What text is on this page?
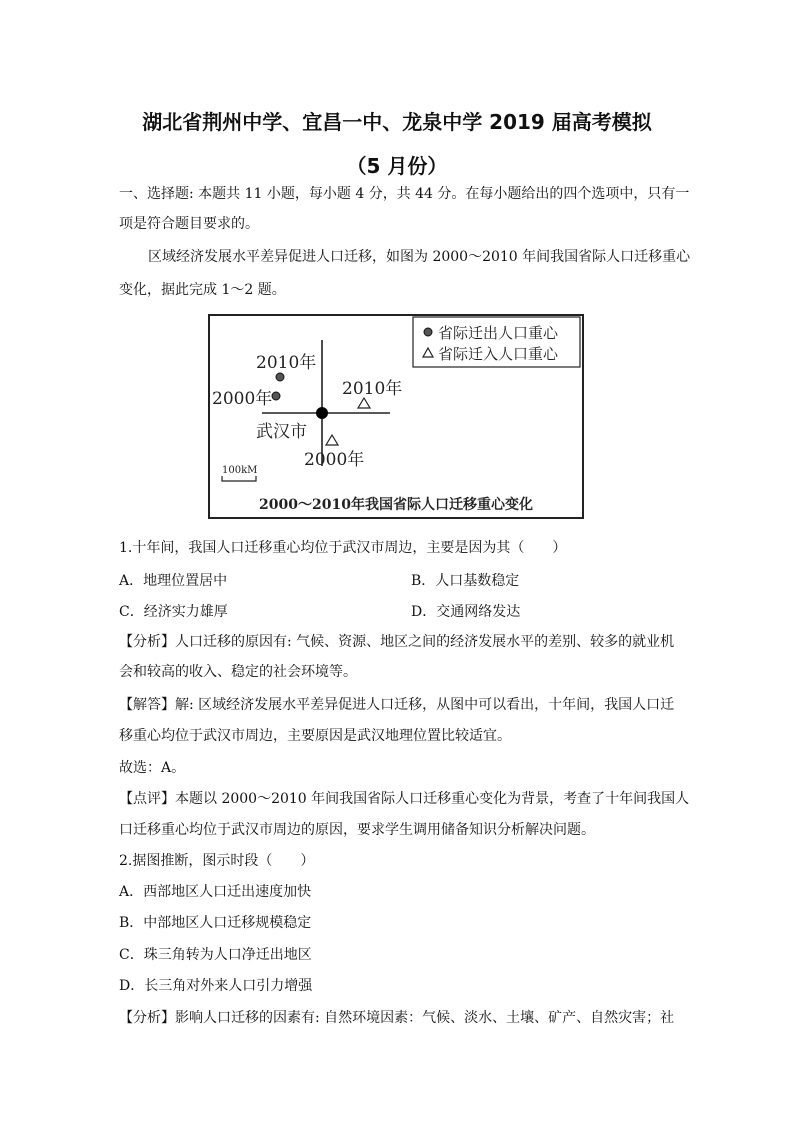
湖北省荆州中学、宜昌一中、龙泉中学 2019 届高考模拟
（5 月份）
一、选择题: 本题共 11 小题，每小题 4 分，共 44 分。在每小题给出的四个选项中，只有一
项是符合题目要求的。
区域经济发展水平差异促进人口迁移，如图为 2000～2010 年间我国省际人口迁移重心
变化，据此完成 1～2 题。
省际迁出人口重心
省际迁入人口重心
2010年
2000年	2010年
2000年
武汉市
100kM
2000～2010年我国省际人口迁移重心变化
1.十年间，我国人口迁移重心均位于武汉市周边，主要是因为其（　　）
A．地理位置居中	B．人口基数稳定
C．经济实力雄厚	D．交通网络发达
【分析】人口迁移的原因有: 气候、资源、地区之间的经济发展水平的差别、较多的就业机
会和较高的收入、稳定的社会环境等。
【解答】解: 区域经济发展水平差异促进人口迁移，从图中可以看出，十年间，我国人口迁
移重心均位于武汉市周边，主要原因是武汉地理位置比较适宜。
故选：A。
【点评】本题以 2000～2010 年间我国省际人口迁移重心变化为背景，考查了十年间我国人
口迁移重心均位于武汉市周边的原因，要求学生调用储备知识分析解决问题。
2.据图推断，图示时段（　　）
A．西部地区人口迁出速度加快
B．中部地区人口迁移规模稳定
C．珠三角转为人口净迁出地区
D．长三角对外来人口引力增强
【分析】影响人口迁移的因素有: 自然环境因素：气候、淡水、土壤、矿产、自然灾害；社
